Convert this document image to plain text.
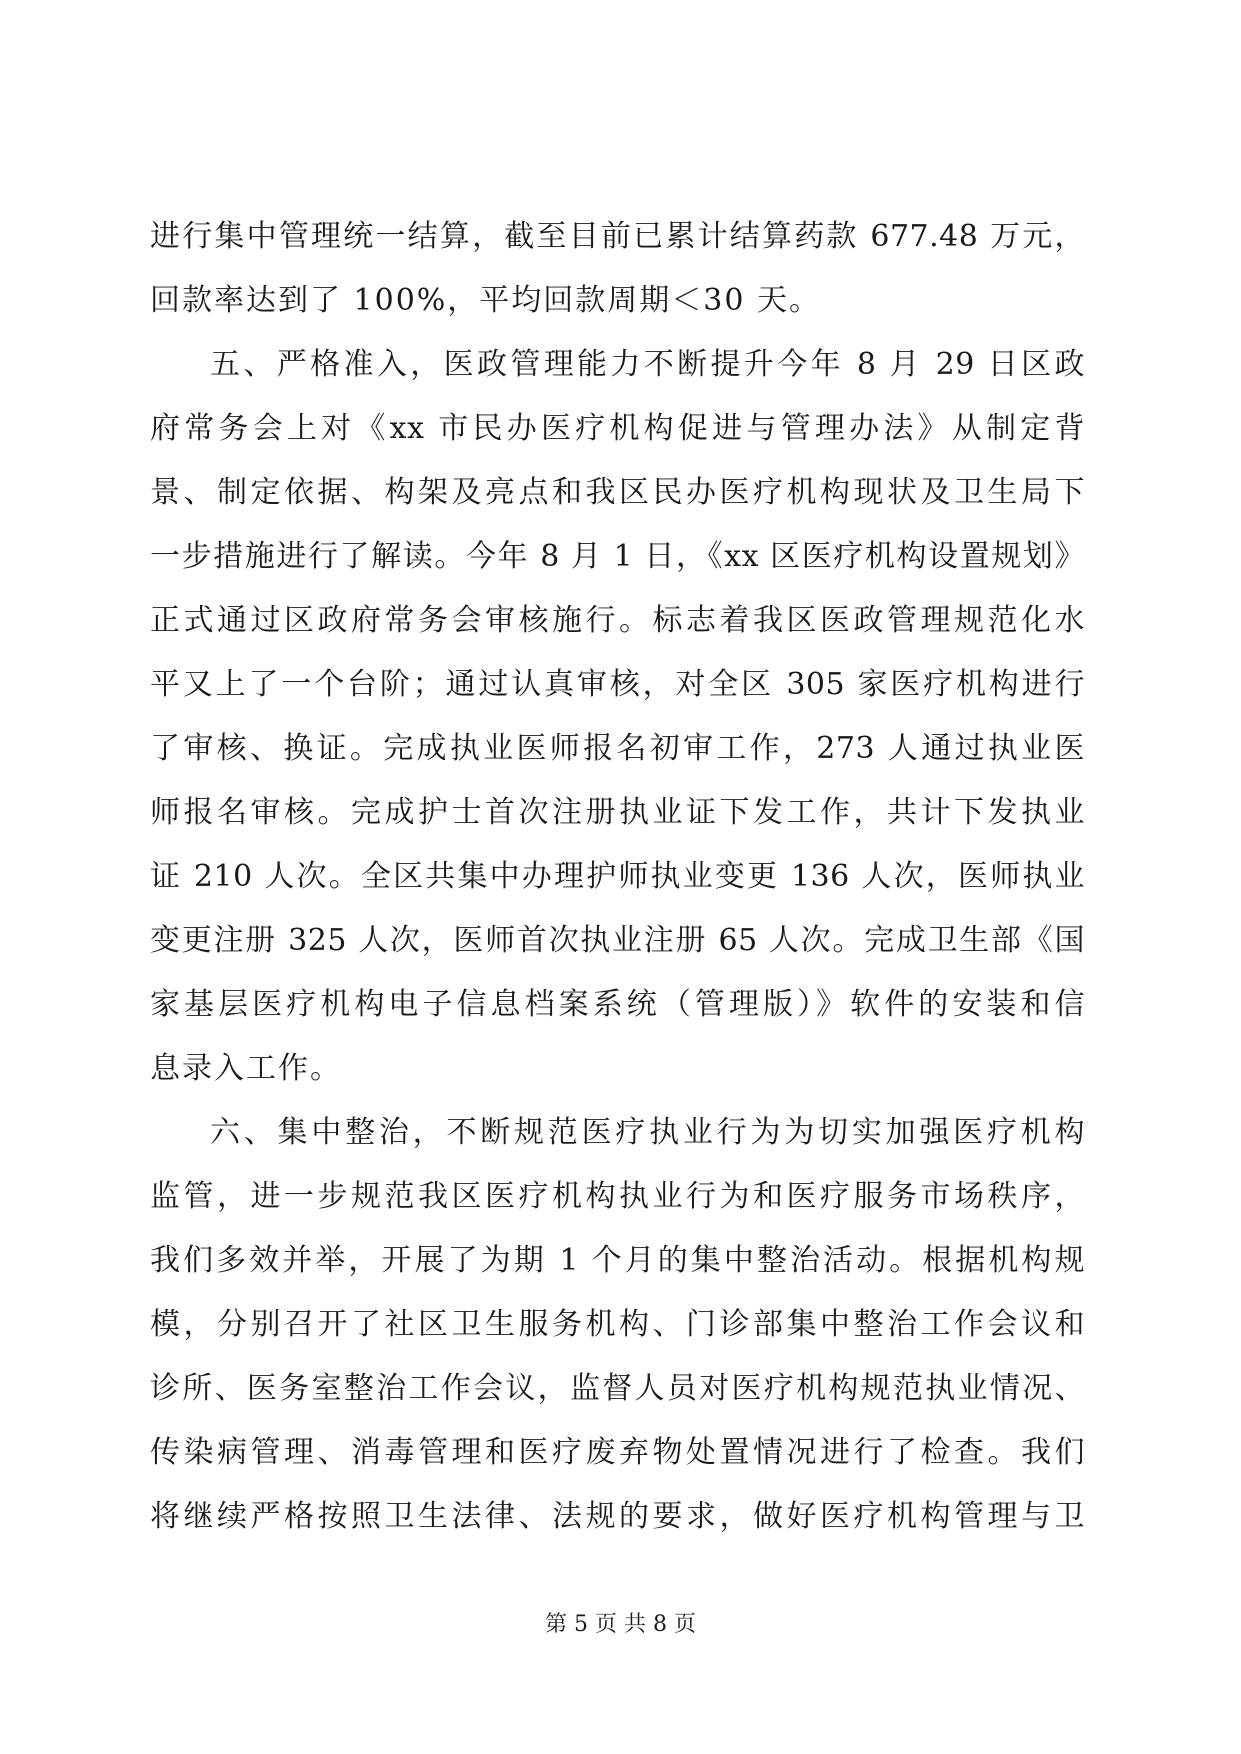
进行集中管理统一结算，截至目前已累计结算药款 677.48 万元，
回款率达到了 100%，平均回款周期＜30 天。
五、严格准入，医政管理能力不断提升今年 8 月 29 日区政
府常务会上对《xx 市民办医疗机构促进与管理办法》从制定背
景、制定依据、构架及亮点和我区民办医疗机构现状及卫生局下
一步措施进行了解读。今年 8 月 1 日，《xx 区医疗机构设置规划》
正式通过区政府常务会审核施行。标志着我区医政管理规范化水
平又上了一个台阶；通过认真审核，对全区 305 家医疗机构进行
了审核、换证。完成执业医师报名初审工作，273 人通过执业医
师报名审核。完成护士首次注册执业证下发工作，共计下发执业
证 210 人次。全区共集中办理护师执业变更 136 人次，医师执业
变更注册 325 人次，医师首次执业注册 65 人次。完成卫生部《国
家基层医疗机构电子信息档案系统（管理版）》软件的安装和信
息录入工作。
六、集中整治，不断规范医疗执业行为为切实加强医疗机构
监管，进一步规范我区医疗机构执业行为和医疗服务市场秩序，
我们多效并举，开展了为期 1 个月的集中整治活动。根据机构规
模，分别召开了社区卫生服务机构、门诊部集中整治工作会议和
诊所、医务室整治工作会议，监督人员对医疗机构规范执业情况、
传染病管理、消毒管理和医疗废弃物处置情况进行了检查。我们
将继续严格按照卫生法律、法规的要求，做好医疗机构管理与卫
第 5 页 共 8 页
